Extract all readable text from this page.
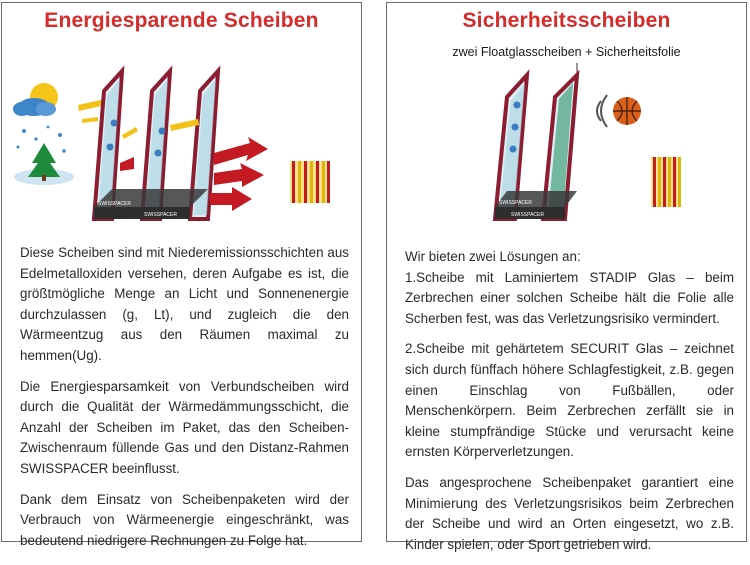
Energiesparende Scheiben
SWISSPACER
SWISSPACER

Diese Scheiben sind mit Niederemissionsschichten aus Edelmetalloxiden versehen, deren Aufgabe es ist, die größtmögliche Menge an Licht und Sonnenenergie durchzulassen (g, Lt), und zugleich die den Wärmeentzug aus den Räumen maximal zu hemmen(Ug).

Die Energiesparsamkeit von Verbundscheiben wird durch die Qualität der Wärmedämmungsschicht, die Anzahl der Scheiben im Paket, das den Scheiben-Zwischenraum füllende Gas und den Distanz-Rahmen SWISSPACER beeinflusst.

Dank dem Einsatz von Scheibenpaketen wird der Verbrauch von Wärmeenergie eingeschränkt, was bedeutend niedrigere Rechnungen zu Folge hat.

Sicherheitsscheiben
zwei Floatglasscheiben + Sicherheitsfolie
SWISSPACER
SWISSPACER

Wir bieten zwei Lösungen an:

1.Scheibe mit Laminiertem STADIP Glas – beim Zerbrechen einer solchen Scheibe hält die Folie alle Scherben fest, was das Verletzungsrisiko vermindert.

2.Scheibe mit gehärtetem SECURIT Glas – zeichnet sich durch fünffach höhere Schlagfestigkeit, z.B. gegen einen Einschlag von Fußbällen, oder Menschenkörpern. Beim Zerbrechen zerfällt sie in kleine stumpfrändige Stücke und verursacht keine ernsten Körperverletzungen.

Das angesprochene Scheibenpaket garantiert eine Minimierung des Verletzungsrisikos beim Zerbrechen der Scheibe und wird an Orten eingesetzt, wo z.B. Kinder spielen, oder Sport getrieben wird.
